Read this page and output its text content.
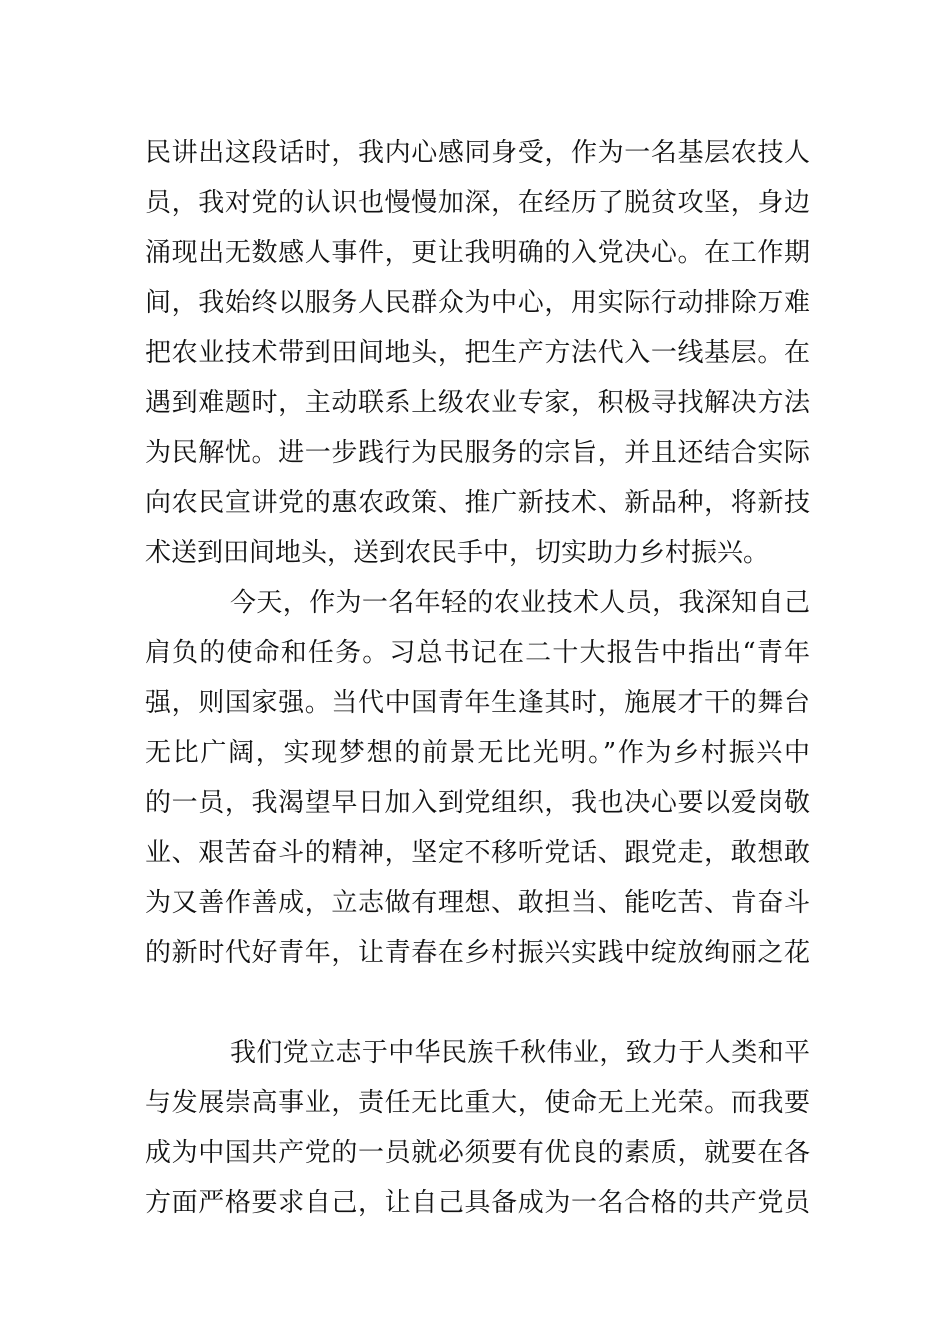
民讲出这段话时，我内心感同身受，作为一名基层农技人
员，我对党的认识也慢慢加深，在经历了脱贫攻坚，身边
涌现出无数感人事件，更让我明确的入党决心。在工作期
间，我始终以服务人民群众为中心，用实际行动排除万难
把农业技术带到田间地头，把生产方法代入一线基层。在
遇到难题时，主动联系上级农业专家，积极寻找解决方法
为民解忧。进一步践行为民服务的宗旨，并且还结合实际
向农民宣讲党的惠农政策、推广新技术、新品种，将新技
术送到田间地头，送到农民手中，切实助力乡村振兴。
今天，作为一名年轻的农业技术人员，我深知自己
肩负的使命和任务。习总书记在二十大报告中指出“青年
强，则国家强。当代中国青年生逢其时，施展才干的舞台
无比广阔，实现梦想的前景无比光明。”作为乡村振兴中
的一员，我渴望早日加入到党组织，我也决心要以爱岗敬
业、艰苦奋斗的精神，坚定不移听党话、跟党走，敢想敢
为又善作善成，立志做有理想、敢担当、能吃苦、肯奋斗
的新时代好青年，让青春在乡村振兴实践中绽放绚丽之花
我们党立志于中华民族千秋伟业，致力于人类和平
与发展崇高事业，责任无比重大，使命无上光荣。而我要
成为中国共产党的一员就必须要有优良的素质，就要在各
方面严格要求自己，让自己具备成为一名合格的共产党员
